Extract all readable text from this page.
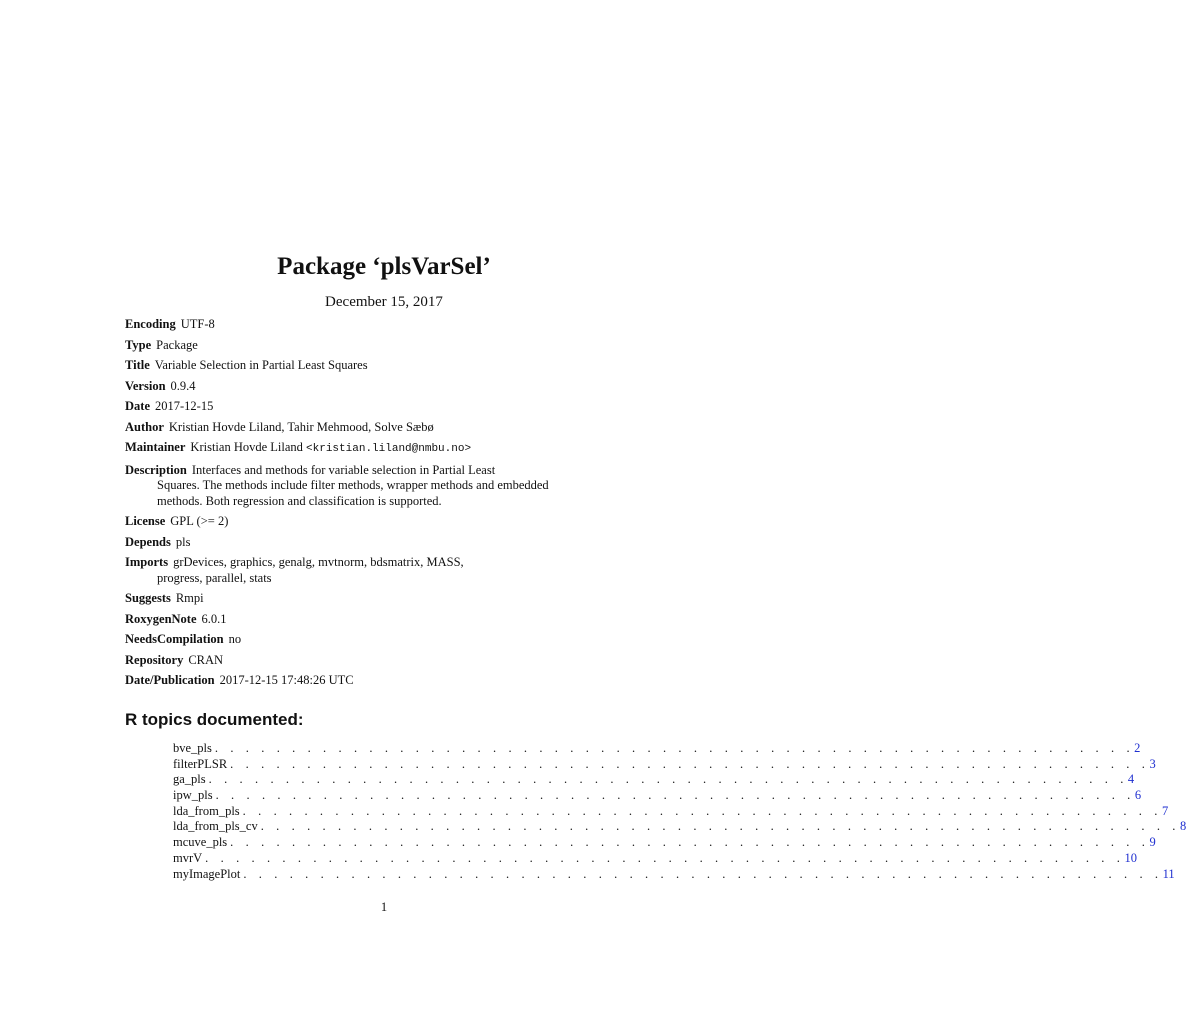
Package ‘plsVarSel’
December 15, 2017
Encoding UTF-8
Type Package
Title Variable Selection in Partial Least Squares
Version 0.9.4
Date 2017-12-15
Author Kristian Hovde Liland, Tahir Mehmood, Solve Sæbø
Maintainer Kristian Hovde Liland <kristian.liland@nmbu.no>
Description Interfaces and methods for variable selection in Partial Least
Squares. The methods include filter methods, wrapper methods and embedded
methods. Both regression and classification is supported.
License GPL (>= 2)
Depends pls
Imports grDevices, graphics, genalg, mvtnorm, bdsmatrix, MASS,
progress, parallel, stats
Suggests Rmpi
RoxygenNote 6.0.1
NeedsCompilation no
Repository CRAN
Date/Publication 2017-12-15 17:48:26 UTC
R topics documented:
bve_pls . . . . . . . . . . . . . . . . . . . . . . . . . . . . . . . . . . . . . . . . . . . . . . . . . . . . . . . . . . . . 2
filterPLSR . . . . . . . . . . . . . . . . . . . . . . . . . . . . . . . . . . . . . . . . . . . . . . . . . . . . . . . . . . . . 3
ga_pls . . . . . . . . . . . . . . . . . . . . . . . . . . . . . . . . . . . . . . . . . . . . . . . . . . . . . . . . . . . . 4
ipw_pls . . . . . . . . . . . . . . . . . . . . . . . . . . . . . . . . . . . . . . . . . . . . . . . . . . . . . . . . . . . . 6
lda_from_pls . . . . . . . . . . . . . . . . . . . . . . . . . . . . . . . . . . . . . . . . . . . . . . . . . . . . . . . . . . . . 7
lda_from_pls_cv . . . . . . . . . . . . . . . . . . . . . . . . . . . . . . . . . . . . . . . . . . . . . . . . . . . . . . . . . . . . 8
mcuve_pls . . . . . . . . . . . . . . . . . . . . . . . . . . . . . . . . . . . . . . . . . . . . . . . . . . . . . . . . . . . . 9
mvrV . . . . . . . . . . . . . . . . . . . . . . . . . . . . . . . . . . . . . . . . . . . . . . . . . . . . . . . . . . . . 10
myImagePlot . . . . . . . . . . . . . . . . . . . . . . . . . . . . . . . . . . . . . . . . . . . . . . . . . . . . . . . . . . . . 11
1
